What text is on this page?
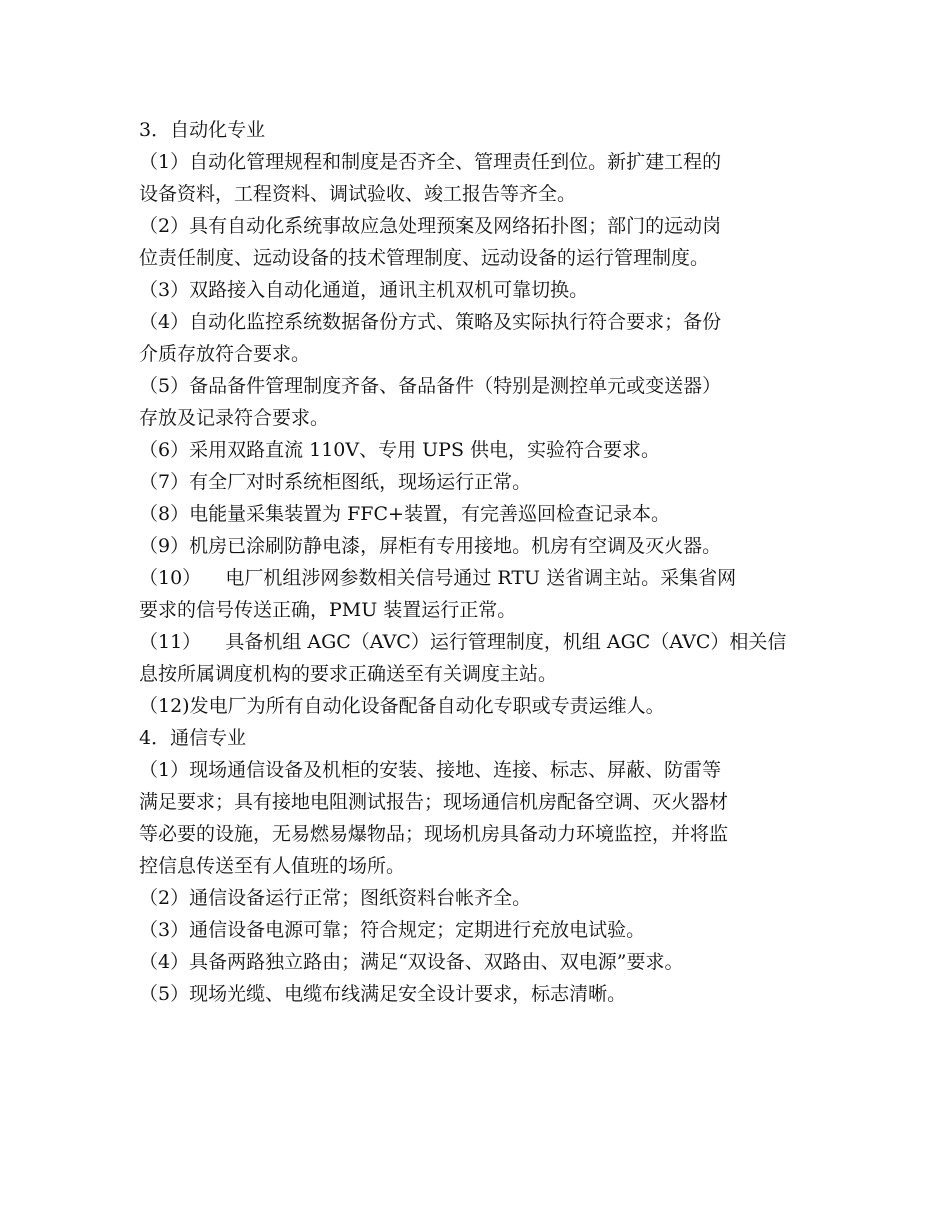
3．自动化专业
（1）自动化管理规程和制度是否齐全、管理责任到位。新扩建工程的
设备资料，工程资料、调试验收、竣工报告等齐全。
（2）具有自动化系统事故应急处理预案及网络拓扑图；部门的远动岗
位责任制度、远动设备的技术管理制度、远动设备的运行管理制度。
（3）双路接入自动化通道，通讯主机双机可靠切换。
（4）自动化监控系统数据备份方式、策略及实际执行符合要求；备份
介质存放符合要求。
（5）备品备件管理制度齐备、备品备件（特别是测控单元或变送器）
存放及记录符合要求。
（6）采用双路直流 110V、专用 UPS 供电，实验符合要求。
（7）有全厂对时系统柜图纸，现场运行正常。
（8）电能量采集装置为 FFC+装置，有完善巡回检查记录本。
（9）机房已涂刷防静电漆，屏柜有专用接地。机房有空调及灭火器。
（10）    电厂机组涉网参数相关信号通过 RTU 送省调主站。采集省网
要求的信号传送正确，PMU 装置运行正常。
（11）    具备机组 AGC（AVC）运行管理制度，机组 AGC（AVC）相关信
息按所属调度机构的要求正确送至有关调度主站。
（12)发电厂为所有自动化设备配备自动化专职或专责运维人。
4．通信专业
（1）现场通信设备及机柜的安装、接地、连接、标志、屏蔽、防雷等
满足要求；具有接地电阻测试报告；现场通信机房配备空调、灭火器材
等必要的设施，无易燃易爆物品；现场机房具备动力环境监控，并将监
控信息传送至有人值班的场所。
（2）通信设备运行正常；图纸资料台帐齐全。
（3）通信设备电源可靠；符合规定；定期进行充放电试验。
（4）具备两路独立路由；满足“双设备、双路由、双电源”要求。
（5）现场光缆、电缆布线满足安全设计要求，标志清晰。
